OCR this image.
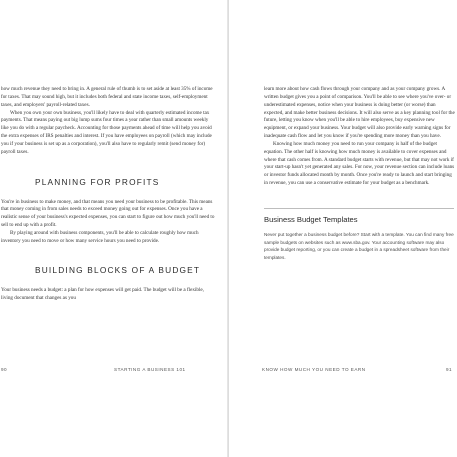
how much revenue they need to bring in. A general rule of thumb is to set aside at least 35% of income for taxes. That may sound high, but it includes both federal and state income taxes, self-employment taxes, and employers' payroll-related taxes.

When you own your own business, you'll likely have to deal with quarterly estimated income tax payments. That means paying out big lump sums four times a year rather than small amounts weekly like you do with a regular paycheck. Accounting for those payments ahead of time will help you avoid the extra expenses of IRS penalties and interest. If you have employees on payroll (which may include you if your business is set up as a corporation), you'll also have to regularly remit (send money for) payroll taxes.

PLANNING FOR PROFITS

You're in business to make money, and that means you need your business to be profitable. This means that money coming in from sales needs to exceed money going out for expenses. Once you have a realistic sense of your business's expected expenses, you can start to figure out how much you'll need to sell to end up with a profit.

By playing around with business components, you'll be able to calculate roughly how much inventory you need to move or how many service hours you need to provide.

BUILDING BLOCKS OF A BUDGET

Your business needs a budget: a plan for how expenses will get paid. The budget will be a flexible, living document that changes as you

90	STARTING A BUSINESS 101

learn more about how cash flows through your company and as your company grows. A written budget gives you a point of comparison. You'll be able to see where you've over- or underestimated expenses, notice when your business is doing better (or worse) than expected, and make better business decisions. It will also serve as a key planning tool for the future, letting you know when you'll be able to hire employees, buy expensive new equipment, or expand your business. Your budget will also provide early warning signs for inadequate cash flow and let you know if you're spending more money than you have.

Knowing how much money you need to run your company is half of the budget equation. The other half is knowing how much money is available to cover expenses and where that cash comes from. A standard budget starts with revenue, but that may not work if your start-up hasn't yet generated any sales. For now, your revenue section can include loans or investor funds allocated month by month. Once you're ready to launch and start bringing in revenue, you can use a conservative estimate for your budget as a benchmark.

Business Budget Templates

Never put together a business budget before? Start with a template. You can find many free sample budgets on websites such as www.sba.gov. Your accounting software may also provide budget reporting, or you can create a budget in a spreadsheet software from their templates.

KNOW HOW MUCH YOU NEED TO EARN	91
